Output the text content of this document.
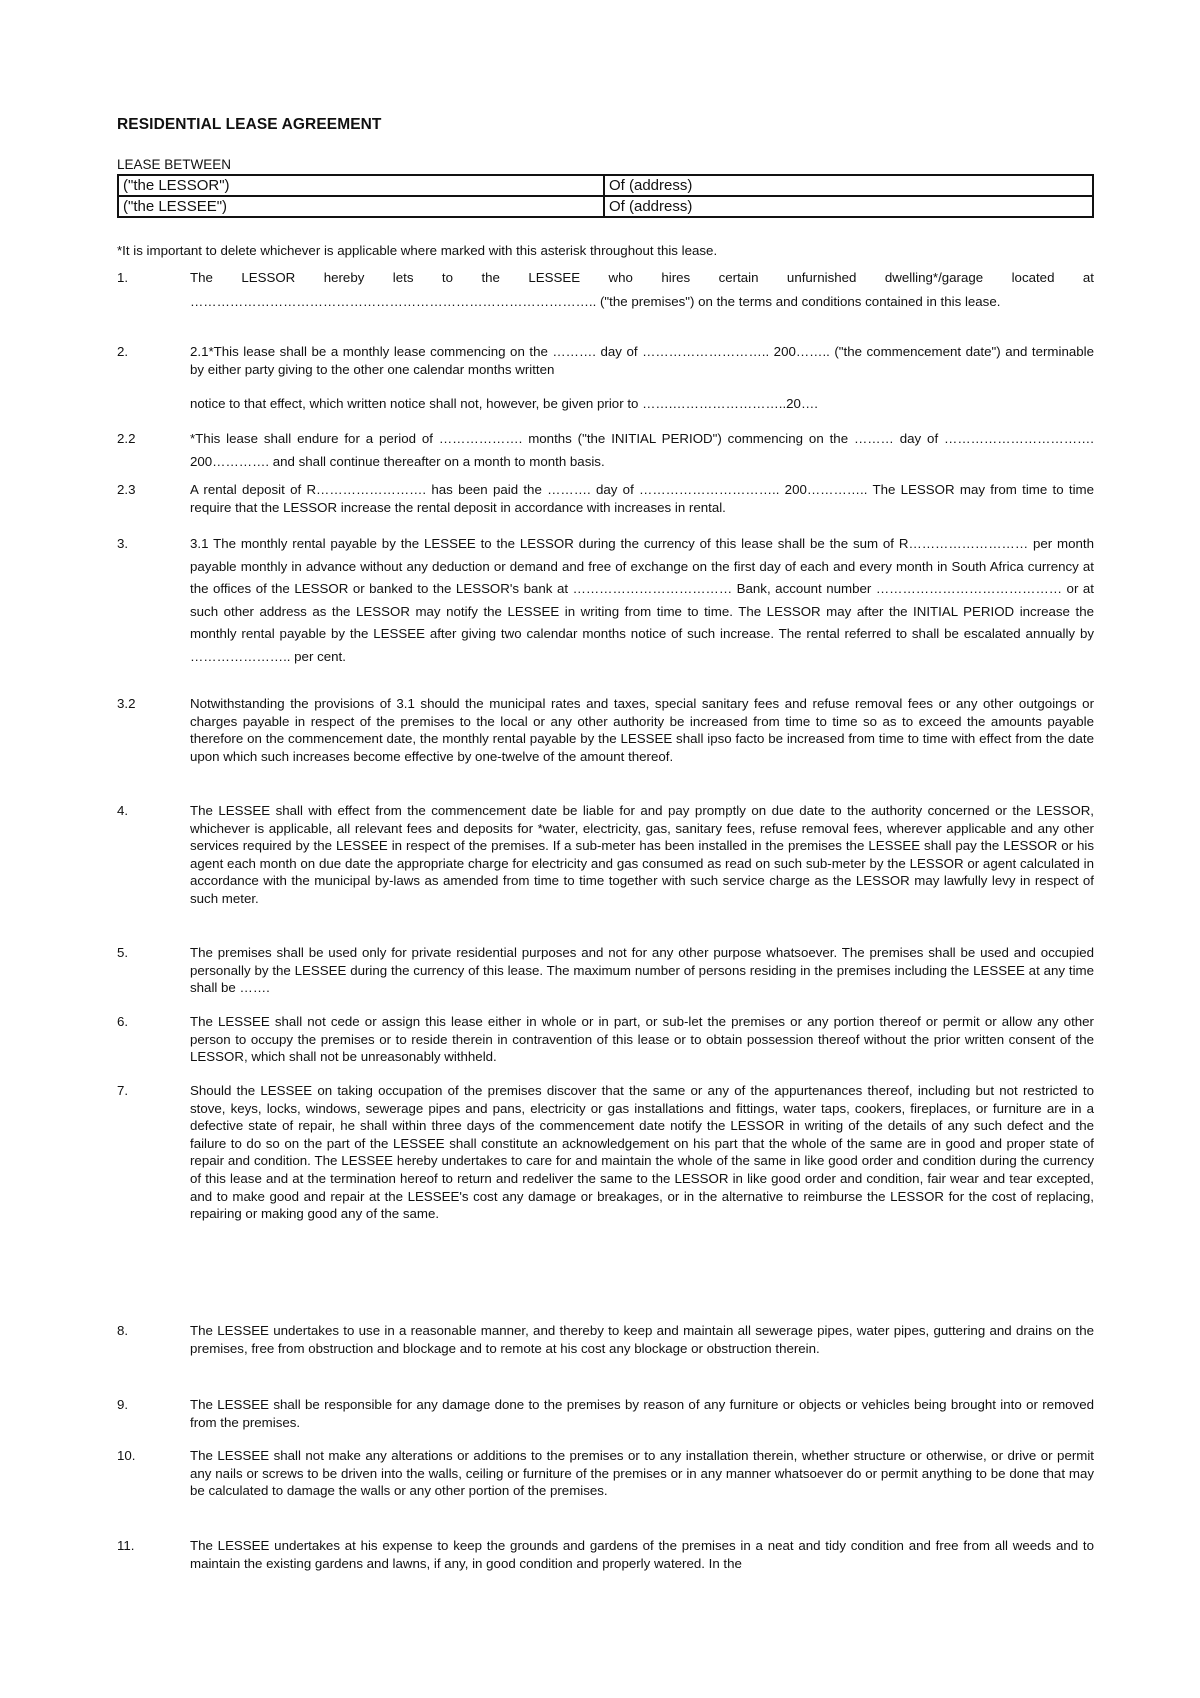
RESIDENTIAL LEASE AGREEMENT
LEASE BETWEEN
("the LESSOR")	Of (address)
("the LESSEE")	Of (address)
*It is important to delete whichever is applicable where marked with this asterisk throughout this lease.
1.	The LESSOR hereby lets to the LESSEE who hires certain unfurnished dwelling*/garage located at ……………………………………………………………………………….. ("the premises") on the terms and conditions contained in this lease.
2.	2.1*This lease shall be a monthly lease commencing on the ………. day of ……………………….. 200…….. ("the commencement date") and terminable by either party giving to the other one calendar months written
notice to that effect, which written notice shall not, however, be given prior to …….……………………..20….
2.2	*This lease shall endure for a period of ………………. months ("the INITIAL PERIOD") commencing on the ……… day of ……………………………. 200…………. and shall continue thereafter on a month to month basis.
2.3	A rental deposit of R……………………. has been paid the ………. day of ………………………….. 200………….. The LESSOR may from time to time require that the LESSOR increase the rental deposit in accordance with increases in rental.
3.	3.1 The monthly rental payable by the LESSEE to the LESSOR during the currency of this lease shall be the sum of R……………………… per month payable monthly in advance without any deduction or demand and free of exchange on the first day of each and every month in South Africa currency at the offices of the LESSOR or banked to the LESSOR's bank at ……………………………… Bank, account number …………………………………… or at such other address as the LESSOR may notify the LESSEE in writing from time to time. The LESSOR may after the INITIAL PERIOD increase the monthly rental payable by the LESSEE after giving two calendar months notice of such increase. The rental referred to shall be escalated annually by ………………….. per cent.
3.2	Notwithstanding the provisions of 3.1 should the municipal rates and taxes, special sanitary fees and refuse removal fees or any other outgoings or charges payable in respect of the premises to the local or any other authority be increased from time to time so as to exceed the amounts payable therefore on the commencement date, the monthly rental payable by the LESSEE shall ipso facto be increased from time to time with effect from the date upon which such increases become effective by one-twelve of the amount thereof.
4.	The LESSEE shall with effect from the commencement date be liable for and pay promptly on due date to the authority concerned or the LESSOR, whichever is applicable, all relevant fees and deposits for *water, electricity, gas, sanitary fees, refuse removal fees, wherever applicable and any other services required by the LESSEE in respect of the premises. If a sub-meter has been installed in the premises the LESSEE shall pay the LESSOR or his agent each month on due date the appropriate charge for electricity and gas consumed as read on such sub-meter by the LESSOR or agent calculated in accordance with the municipal by-laws as amended from time to time together with such service charge as the LESSOR may lawfully levy in respect of such meter.
5.	The premises shall be used only for private residential purposes and not for any other purpose whatsoever. The premises shall be used and occupied personally by the LESSEE during the currency of this lease. The maximum number of persons residing in the premises including the LESSEE at any time shall be …….
6.	The LESSEE shall not cede or assign this lease either in whole or in part, or sub-let the premises or any portion thereof or permit or allow any other person to occupy the premises or to reside therein in contravention of this lease or to obtain possession thereof without the prior written consent of the LESSOR, which shall not be unreasonably withheld.
7.	Should the LESSEE on taking occupation of the premises discover that the same or any of the appurtenances thereof, including but not restricted to stove, keys, locks, windows, sewerage pipes and pans, electricity or gas installations and fittings, water taps, cookers, fireplaces, or furniture are in a defective state of repair, he shall within three days of the commencement date notify the LESSOR in writing of the details of any such defect and the failure to do so on the part of the LESSEE shall constitute an acknowledgement on his part that the whole of the same are in good and proper state of repair and condition. The LESSEE hereby undertakes to care for and maintain the whole of the same in like good order and condition during the currency of this lease and at the termination hereof to return and redeliver the same to the LESSOR in like good order and condition, fair wear and tear excepted, and to make good and repair at the LESSEE's cost any damage or breakages, or in the alternative to reimburse the LESSOR for the cost of replacing, repairing or making good any of the same.
8.	The LESSEE undertakes to use in a reasonable manner, and thereby to keep and maintain all sewerage pipes, water pipes, guttering and drains on the premises, free from obstruction and blockage and to remote at his cost any blockage or obstruction therein.
9.	The LESSEE shall be responsible for any damage done to the premises by reason of any furniture or objects or vehicles being brought into or removed from the premises.
10.	The LESSEE shall not make any alterations or additions to the premises or to any installation therein, whether structure or otherwise, or drive or permit any nails or screws to be driven into the walls, ceiling or furniture of the premises or in any manner whatsoever do or permit anything to be done that may be calculated to damage the walls or any other portion of the premises.
11.	The LESSEE undertakes at his expense to keep the grounds and gardens of the premises in a neat and tidy condition and free from all weeds and to maintain the existing gardens and lawns, if any, in good condition and properly watered. In the
